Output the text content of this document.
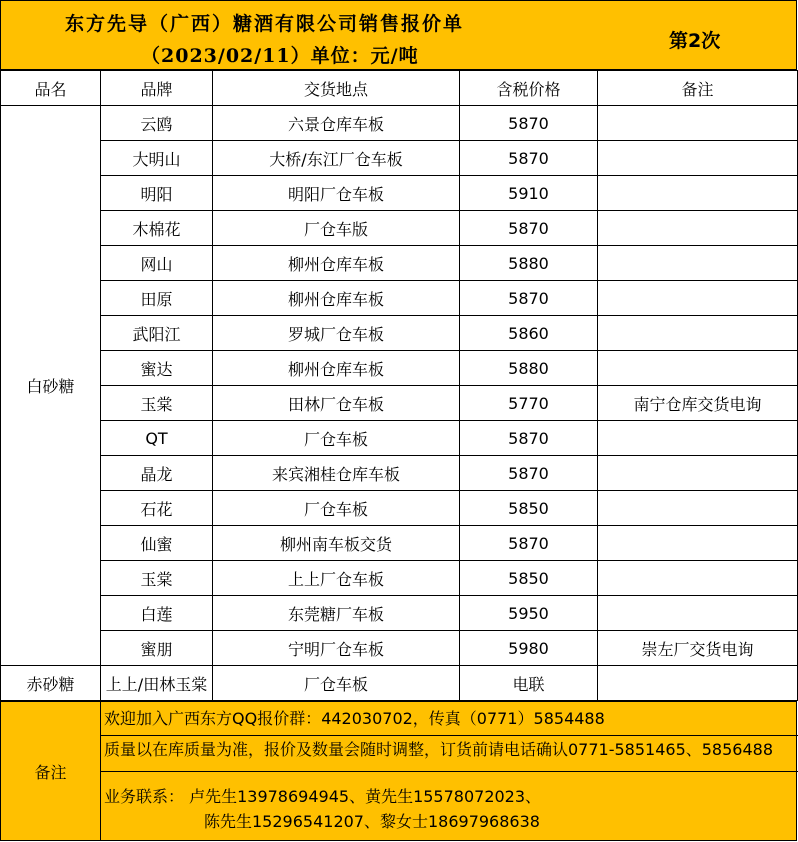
东方先导（广西）糖酒有限公司销售报价单
（2023/02/11）单位：元/吨
第2次
品名	品牌	交货地点	含税价格	备注
白砂糖	云鸥	六景仓库车板	5870	
	大明山	大桥/东江厂仓车板	5870	
	明阳	明阳厂仓车板	5910	
	木棉花	厂仓车版	5870	
	网山	柳州仓库车板	5880	
	田原	柳州仓库车板	5870	
	武阳江	罗城厂仓车板	5860	
	蜜达	柳州仓库车板	5880	
	玉棠	田林厂仓车板	5770	南宁仓库交货电询
	QT	厂仓车板	5870	
	晶龙	来宾湘桂仓库车板	5870	
	石花	厂仓车板	5850	
	仙蜜	柳州南车板交货	5870	
	玉棠	上上厂仓车板	5850	
	白莲	东莞糖厂车板	5950	
	蜜朋	宁明厂仓车板	5980	崇左厂交货电询
赤砂糖	上上/田林玉棠	厂仓车板	电联	
备注
欢迎加入广西东方QQ报价群：442030702，传真（0771）5854488
质量以在库质量为准，报价及数量会随时调整，订货前请电话确认0771-5851465、5856488
业务联系： 卢先生13978694945、黄先生15578072023、
陈先生15296541207、黎女士18697968638
